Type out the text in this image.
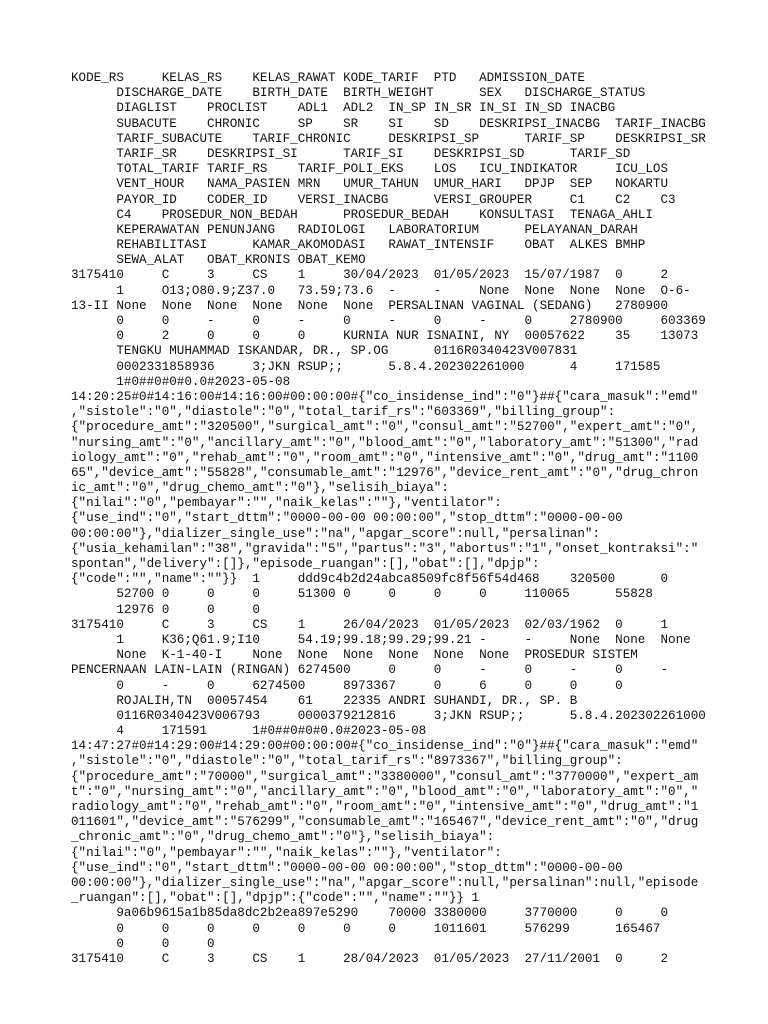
KODE_RS     KELAS_RS    KELAS_RAWAT KODE_TARIF  PTD   ADMISSION_DATE
DISCHARGE_DATE    BIRTH_DATE  BIRTH_WEIGHT      SEX   DISCHARGE_STATUS
DIAGLIST    PROCLIST    ADL1  ADL2  IN_SP IN_SR IN_SI IN_SD INACBG
SUBACUTE    CHRONIC     SP    SR    SI    SD    DESKRIPSI_INACBG  TARIF_INACBG
TARIF_SUBACUTE    TARIF_CHRONIC     DESKRIPSI_SP      TARIF_SP    DESKRIPSI_SR
TARIF_SR    DESKRIPSI_SI      TARIF_SI    DESKRIPSI_SD      TARIF_SD
TOTAL_TARIF TARIF_RS    TARIF_POLI_EKS    LOS   ICU_INDIKATOR     ICU_LOS
VENT_HOUR   NAMA_PASIEN MRN   UMUR_TAHUN  UMUR_HARI   DPJP  SEP   NOKARTU
PAYOR_ID    CODER_ID    VERSI_INACBG      VERSI_GROUPER     C1    C2    C3
C4    PROSEDUR_NON_BEDAH      PROSEDUR_BEDAH    KONSULTASI  TENAGA_AHLI
KEPERAWATAN PENUNJANG   RADIOLOGI   LABORATORIUM      PELAYANAN_DARAH
REHABILITASI      KAMAR_AKOMODASI   RAWAT_INTENSIF    OBAT  ALKES BMHP
SEWA_ALAT   OBAT_KRONIS OBAT_KEMO
3175410     C     3     CS    1     30/04/2023  01/05/2023  15/07/1987  0     2
1     O13;O80.9;Z37.0   73.59;73.6  -     -     None  None  None  None  O-6-
13-II None  None  None  None  None  None  PERSALINAN VAGINAL (SEDANG)   2780900
0     0     -     0     -     0     -     0     -     0     2780900     603369
0     2     0     0     0     KURNIA NUR ISNAINI, NY  00057622    35    13073
TENGKU MUHAMMAD ISKANDAR, DR., SP.OG      0116R0340423V007831
0002331858936     3;JKN RSUP;;      5.8.4.202302261000      4     171585
1#0##0#0#0.0#2023-05-08
14:20:25#0#14:16:00#14:16:00#00:00:00#{"co_insidense_ind":"0"}##{"cara_masuk":"emd"
,"sistole":"0","diastole":"0","total_tarif_rs":"603369","billing_group":
{"procedure_amt":"320500","surgical_amt":"0","consul_amt":"52700","expert_amt":"0",
"nursing_amt":"0","ancillary_amt":"0","blood_amt":"0","laboratory_amt":"51300","rad
iology_amt":"0","rehab_amt":"0","room_amt":"0","intensive_amt":"0","drug_amt":"1100
65","device_amt":"55828","consumable_amt":"12976","device_rent_amt":"0","drug_chron
ic_amt":"0","drug_chemo_amt":"0"},"selisih_biaya":
{"nilai":"0","pembayar":"","naik_kelas":""},"ventilator":
{"use_ind":"0","start_dttm":"0000-00-00 00:00:00","stop_dttm":"0000-00-00
00:00:00"},"dializer_single_use":"na","apgar_score":null,"persalinan":
{"usia_kehamilan":"38","gravida":"5","partus":"3","abortus":"1","onset_kontraksi":"
spontan","delivery":[]},"episode_ruangan":[],"obat":[],"dpjp":
{"code":"","name":""}}  1     ddd9c4b2d24abca8509fc8f56f54d468    320500      0
52700 0     0     0     51300 0     0     0     0     110065      55828
12976 0     0     0
3175410     C     3     CS    1     26/04/2023  01/05/2023  02/03/1962  0     1
1     K36;Q61.9;I10     54.19;99.18;99.29;99.21 -     -     None  None  None
None  K-1-40-I    None  None  None  None  None  None  PROSEDUR SISTEM
PENCERNAAN LAIN-LAIN (RINGAN) 6274500     0     0     -     0     -     0     -
0     -     0     6274500     8973367     0     6     0     0     0
ROJALIH,TN  00057454    61    22335 ANDRI SUHANDI, DR., SP. B
0116R0340423V006793     0000379212816     3;JKN RSUP;;      5.8.4.202302261000
4     171591      1#0##0#0#0.0#2023-05-08
14:47:27#0#14:29:00#14:29:00#00:00:00#{"co_insidense_ind":"0"}##{"cara_masuk":"emd"
,"sistole":"0","diastole":"0","total_tarif_rs":"8973367","billing_group":
{"procedure_amt":"70000","surgical_amt":"3380000","consul_amt":"3770000","expert_am
t":"0","nursing_amt":"0","ancillary_amt":"0","blood_amt":"0","laboratory_amt":"0","
radiology_amt":"0","rehab_amt":"0","room_amt":"0","intensive_amt":"0","drug_amt":"1
011601","device_amt":"576299","consumable_amt":"165467","device_rent_amt":"0","drug
_chronic_amt":"0","drug_chemo_amt":"0"},"selisih_biaya":
{"nilai":"0","pembayar":"","naik_kelas":""},"ventilator":
{"use_ind":"0","start_dttm":"0000-00-00 00:00:00","stop_dttm":"0000-00-00
00:00:00"},"dializer_single_use":"na","apgar_score":null,"persalinan":null,"episode
_ruangan":[],"obat":[],"dpjp":{"code":"","name":""}} 1
9a06b9615a1b85da8dc2b2ea897e5290    70000 3380000     3770000     0     0
0     0     0     0     0     0     0     1011601     576299      165467
0     0     0
3175410     C     3     CS    1     28/04/2023  01/05/2023  27/11/2001  0     2
